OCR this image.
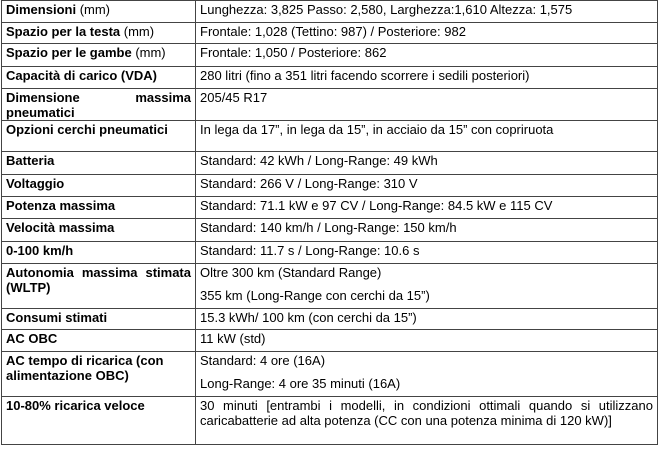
Dimensioni (mm)	Lunghezza: 3,825 Passo: 2,580, Larghezza:1,610 Altezza: 1,575
Spazio per la testa (mm)	Frontale: 1,028 (Tettino: 987) / Posteriore: 982
Spazio per le gambe (mm)	Frontale: 1,050 / Posteriore: 862
Capacità di carico (VDA)	280 litri (fino a 351 litri facendo scorrere i sedili posteriori)
Dimensione massima pneumatici	205/45 R17
Opzioni cerchi pneumatici	In lega da 17”, in lega da 15”, in acciaio da 15” con copriruota
Batteria	Standard: 42 kWh / Long-Range: 49 kWh
Voltaggio	Standard: 266 V / Long-Range: 310 V
Potenza massima	Standard: 71.1 kW e 97 CV / Long-Range: 84.5 kW e 115 CV
Velocità massima	Standard: 140 km/h / Long-Range: 150 km/h
0-100 km/h	Standard: 11.7 s / Long-Range: 10.6 s
Autonomia massima stimata (WLTP)	Oltre 300 km (Standard Range)
355 km (Long-Range con cerchi da 15”)

Consumi stimati	15.3 kWh/ 100 km (con cerchi da 15”)
AC OBC	11 kW (std)
AC tempo di ricarica (con alimentazione OBC)	Standard: 4 ore (16A)
Long-Range: 4 ore 35 minuti (16A)

10-80% ricarica veloce	30 minuti [entrambi i modelli, in condizioni ottimali quando si utilizzano caricabatterie ad alta potenza (CC con una potenza minima di 120 kW)]
